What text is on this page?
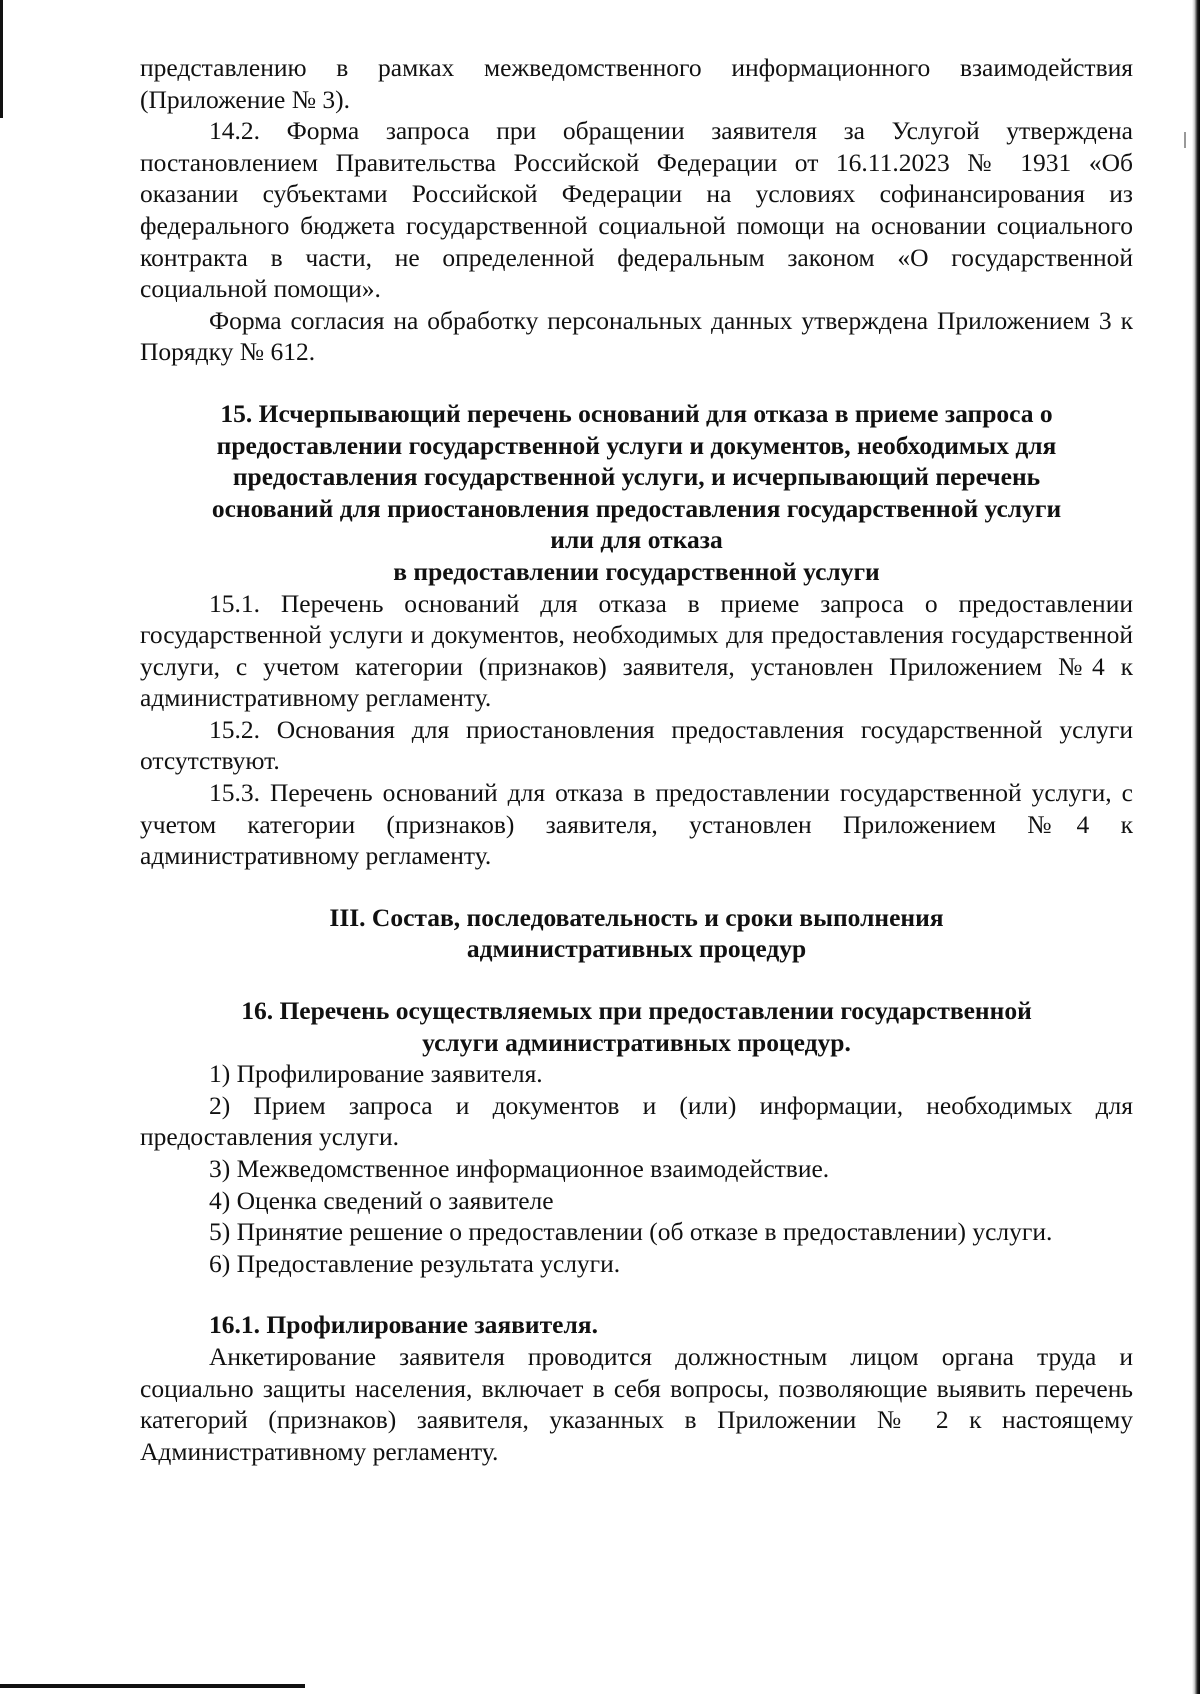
представлению в рамках межведомственного информационного взаимодействия (Приложение № 3).

14.2. Форма запроса при обращении заявителя за Услугой утверждена постановлением Правительства Российской Федерации от 16.11.2023 № 1931 «Об оказании субъектами Российской Федерации на условиях софинансирования из федерального бюджета государственной социальной помощи на основании социального контракта в части, не определенной федеральным законом «О государственной социальной помощи».

Форма согласия на обработку персональных данных утверждена Приложением 3 к Порядку № 612.

15. Исчерпывающий перечень оснований для отказа в приеме запроса о
предоставлении государственной услуги и документов, необходимых для
предоставления государственной услуги, и исчерпывающий перечень
оснований для приостановления предоставления государственной услуги
или для отказа
в предоставлении государственной услуги

15.1. Перечень оснований для отказа в приеме запроса о предоставлении государственной услуги и документов, необходимых для предоставления государственной услуги, с учетом категории (признаков) заявителя, установлен Приложением №4 к административному регламенту.

15.2. Основания для приостановления предоставления государственной услуги отсутствуют.

15.3. Перечень оснований для отказа в предоставлении государственной услуги, с учетом категории (признаков) заявителя, установлен Приложением №4 к административному регламенту.

III. Состав, последовательность и сроки выполнения
административных процедур
16. Перечень осуществляемых при предоставлении государственной
услуги административных процедур.

1) Профилирование заявителя.

2) Прием запроса и документов и (или) информации, необходимых для предоставления услуги.

3) Межведомственное информационное взаимодействие.

4) Оценка сведений о заявителе

5) Принятие решение о предоставлении (об отказе в предоставлении) услуги.

6) Предоставление результата услуги.

16.1. Профилирование заявителя.

Анкетирование заявителя проводится должностным лицом органа труда и социально защиты населения, включает в себя вопросы, позволяющие выявить перечень категорий (признаков) заявителя, указанных в Приложении № 2 к настоящему Административному регламенту.
